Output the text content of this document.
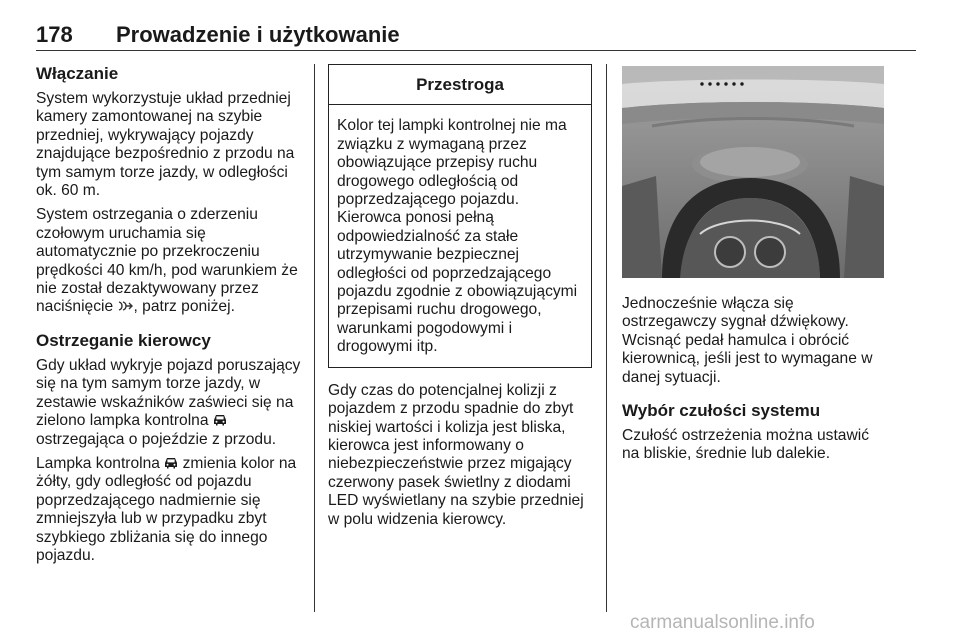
178 Prowadzenie i użytkowanie
Włączanie

System wykorzystuje układ przedniej kamery zamontowanej na szybie przedniej, wykrywający pojazdy znajdujące bezpośrednio z przodu na tym samym torze jazdy, w odległości ok. 60 m.

System ostrzegania o zderzeniu czołowym uruchamia się automatycznie po przekroczeniu prędkości 40 km/h, pod warunkiem że nie został dezaktywowany przez naciśnięcie , patrz poniżej.

Ostrzeganie kierowcy

Gdy układ wykryje pojazd poruszający się na tym samym torze jazdy, w zestawie wskaźników zaświeci się na zielono lampka kontrolna  ostrzegająca o pojeździe z przodu.

Lampka kontrolna  zmienia kolor na żółty, gdy odległość od pojazdu poprzedzającego nadmiernie się zmniejszyła lub w przypadku zbyt szybkiego zbliżania się do innego pojazdu.

Przestroga
Kolor tej lampki kontrolnej nie ma związku z wymaganą przez obowiązujące przepisy ruchu drogowego odległością od poprzedzającego pojazdu. Kierowca ponosi pełną odpowiedzialność za stałe utrzymywanie bezpiecznej odległości od poprzedzającego pojazdu zgodnie z obowiązującymi przepisami ruchu drogowego, warunkami pogodowymi i drogowymi itp.

Gdy czas do potencjalnej kolizji z pojazdem z przodu spadnie do zbyt niskiej wartości i kolizja jest bliska, kierowca jest informowany o niebezpieczeństwie przez migający czerwony pasek świetlny z diodami LED wyświetlany na szybie przedniej w polu widzenia kierowcy.

Jednocześnie włącza się ostrzegawczy sygnał dźwiękowy. Wcisnąć pedał hamulca i obrócić kierownicą, jeśli jest to wymagane w danej sytuacji.

Wybór czułości systemu

Czułość ostrzeżenia można ustawić na bliskie, średnie lub dalekie.

carmanualsonline.info
